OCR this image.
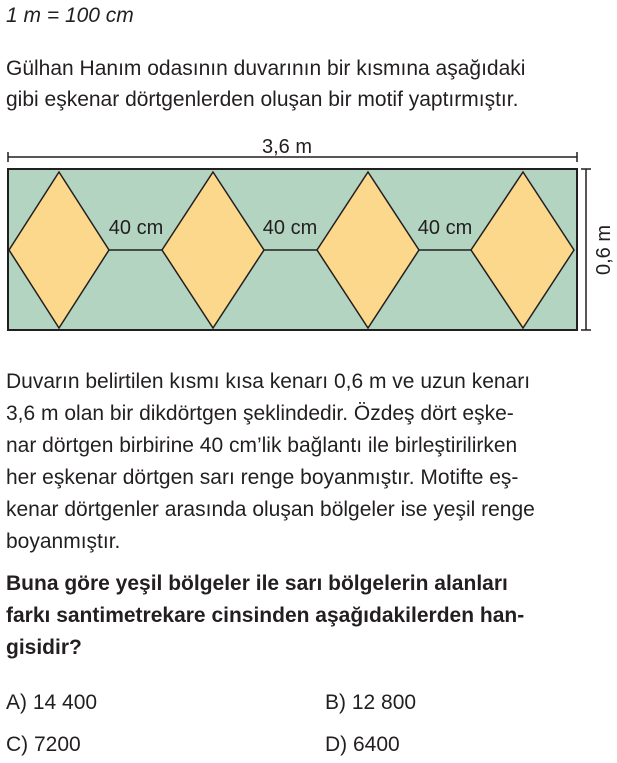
1 m = 100 cm
Gülhan Hanım odasının duvarının bir kısmına aşağıdaki
gibi eşkenar dörtgenlerden oluşan bir motif yaptırmıştır.
3,6 m
40 cm	40 cm	40 cm	0,6 m
Duvarın belirtilen kısmı kısa kenarı 0,6 m ve uzun kenarı
3,6 m olan bir dikdörtgen şeklindedir. Özdeş dört eşke-
nar dörtgen birbirine 40 cm’lik bağlantı ile birleştirilirken
her eşkenar dörtgen sarı renge boyanmıştır. Motifte eş-
kenar dörtgenler arasında oluşan bölgeler ise yeşil renge
boyanmıştır.
Buna göre yeşil bölgeler ile sarı bölgelerin alanları
farkı santimetrekare cinsinden aşağıdakilerden han-
gisidir?
A) 14 400	B) 12 800
C) 7200	D) 6400
